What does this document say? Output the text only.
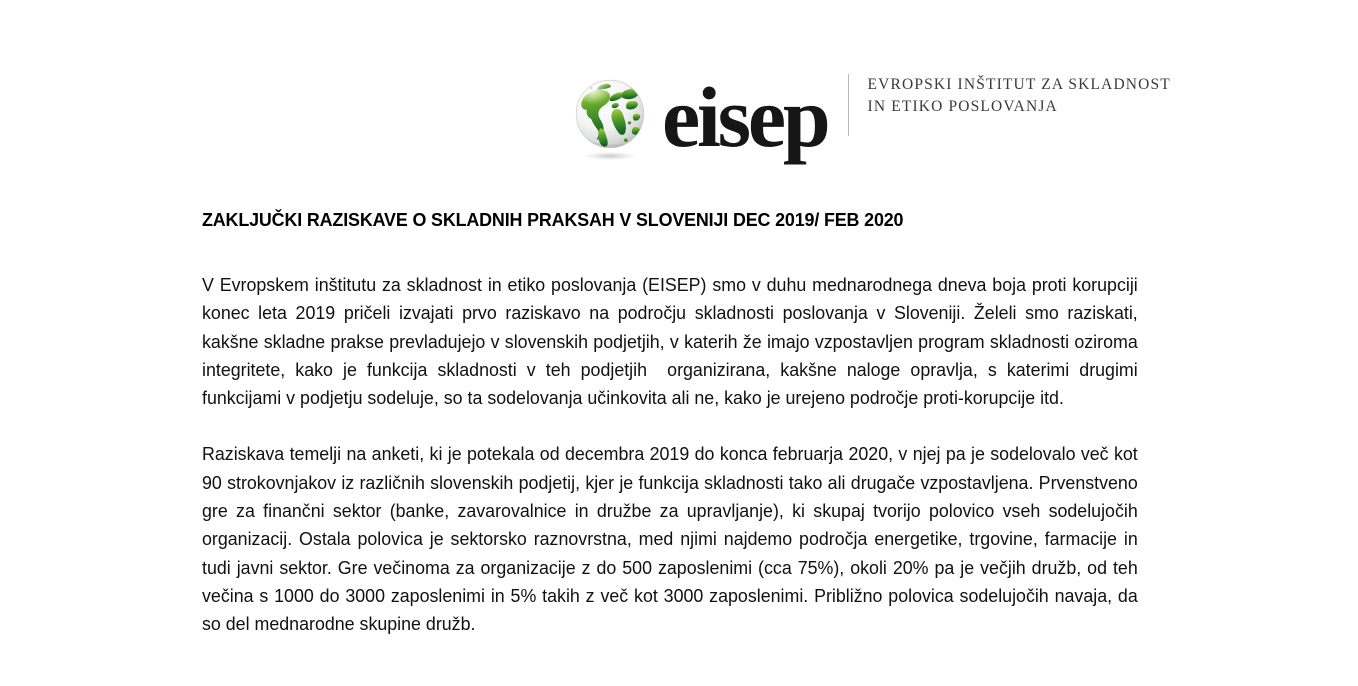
eisep	EVROPSKI INŠTITUT ZA SKLADNOST
IN ETIKO POSLOVANJA
ZAKLJUČKI RAZISKAVE O SKLADNIH PRAKSAH V SLOVENIJI DEC 2019/ FEB 2020

V Evropskem inštitutu za skladnost in etiko poslovanja (EISEP) smo v duhu mednarodnega dneva boja proti korupciji konec leta 2019 pričeli izvajati prvo raziskavo na področju skladnosti poslovanja v Sloveniji. Želeli smo raziskati, kakšne skladne prakse prevladujejo v slovenskih podjetjih, v katerih že imajo vzpostavljen program skladnosti oziroma integritete, kako je funkcija skladnosti v teh podjetjih  organizirana, kakšne naloge opravlja, s katerimi drugimi  funkcijami v podjetju sodeluje, so ta sodelovanja učinkovita ali ne, kako je urejeno področje proti-korupcije itd.

Raziskava temelji na anketi, ki je potekala od decembra 2019 do konca februarja 2020, v njej pa je sodelovalo več kot 90 strokovnjakov iz različnih slovenskih podjetij, kjer je funkcija skladnosti tako ali drugače vzpostavljena. Prvenstveno gre za finančni sektor (banke, zavarovalnice in družbe za upravljanje), ki skupaj tvorijo polovico vseh sodelujočih organizacij. Ostala polovica je sektorsko raznovrstna, med njimi najdemo področja energetike, trgovine, farmacije in tudi javni sektor. Gre večinoma za organizacije z do 500 zaposlenimi (cca 75%), okoli 20% pa je večjih družb, od teh večina s 1000 do 3000 zaposlenimi in 5% takih z več kot 3000 zaposlenimi. Približno polovica sodelujočih navaja, da so del mednarodne skupine družb.
